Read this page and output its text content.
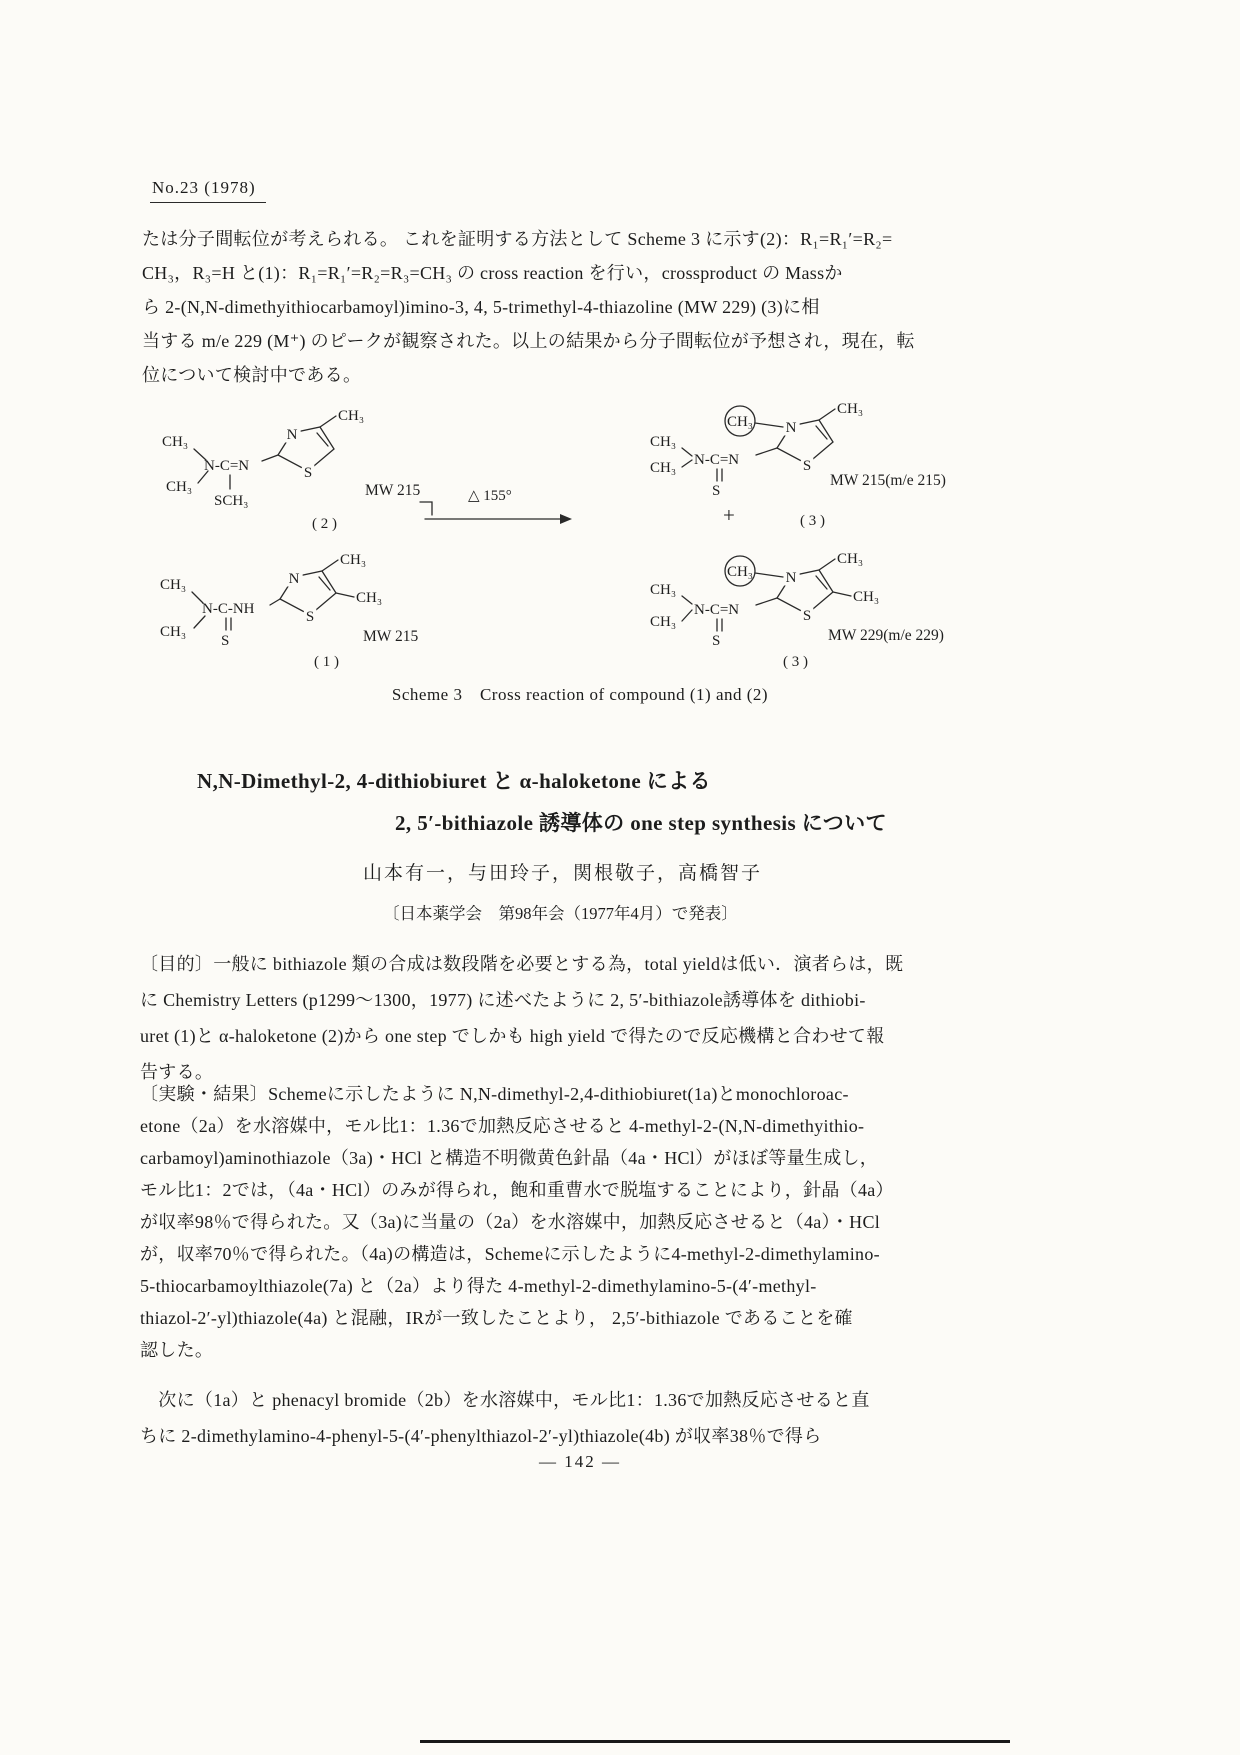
No.23 (1978)
たは分子間転位が考えられる。 これを証明する方法として Scheme 3 に示す(2)：R₁=R₁′=R₂=
CH₃，R₃=H と(1)：R₁=R₁′=R₂=R₃=CH₃ の cross reaction を行い，crossproduct の Massか
ら 2-(N,N-dimethyithiocarbamoyl)imino-3, 4, 5-trimethyl-4-thiazoline (MW 229) (3)に相
当する m/e 229 (M⁺) のピークが観察された。以上の結果から分子間転位が予想され，現在，転
位について検討中である。
CH₃
CH₃
N-C=N
SCH₃
N
S
CH₃
MW 215
( 2 )
△ 155°
CH₃
CH₃ N-C=N
S
CH₃ N
S
CH₃
MW 215(m/e 215)
( 3 )
+
CH₃
CH₃
N-C-NH
S
N
S
CH₃
CH₃
MW 215
( 1 )
CH₃
CH₃
N-C=N
S
CH₃ N
S
CH₃
CH₃
MW 229(m/e 229)
( 3 )
Scheme 3　Cross reaction of compound (1) and (2)
N,N-Dimethyl-2, 4-dithiobiuret と α-haloketone による
2, 5′-bithiazole 誘導体の one step synthesis について
山本有一，与田玲子，関根敬子，高橋智子
〔日本薬学会　第98年会（1977年4月）で発表〕
〔目的〕一般に bithiazole 類の合成は数段階を必要とする為，total yieldは低い．演者らは，既
に Chemistry Letters (p1299～1300，1977) に述べたように 2, 5′-bithiazole誘導体を dithiobi-
uret (1)と α-haloketone (2)から one step でしかも high yield で得たので反応機構と合わせて報
告する。
〔実験・結果〕Schemeに示したように N,N-dimethyl-2,4-dithiobiuret(1a)とmonochloroac-
etone（2a）を水溶媒中，モル比1：1.36で加熱反応させると 4-methyl-2-(N,N-dimethyithio-
carbamoyl)aminothiazole（3a)・HCl と構造不明微黄色針晶（4a・HCl）がほぼ等量生成し，
モル比1：2では，（4a・HCl）のみが得られ，飽和重曹水で脱塩することにより，針晶（4a）
が収率98％で得られた。又（3a)に当量の（2a）を水溶媒中，加熱反応させると（4a）・HCl
が，収率70％で得られた。（4a)の構造は，Schemeに示したように4-methyl-2-dimethylamino-
5-thiocarbamoylthiazole(7a) と（2a）より得た 4-methyl-2-dimethylamino-5-(4′-methyl-
thiazol-2′-yl)thiazole(4a) と混融，IRが一致したことより， 2,5′-bithiazole であることを確
認した。
　次に（1a）と phenacyl bromide（2b）を水溶媒中，モル比1：1.36で加熱反応させると直
ちに 2-dimethylamino-4-phenyl-5-(4′-phenylthiazol-2′-yl)thiazole(4b) が収率38％で得ら
— 142 —
